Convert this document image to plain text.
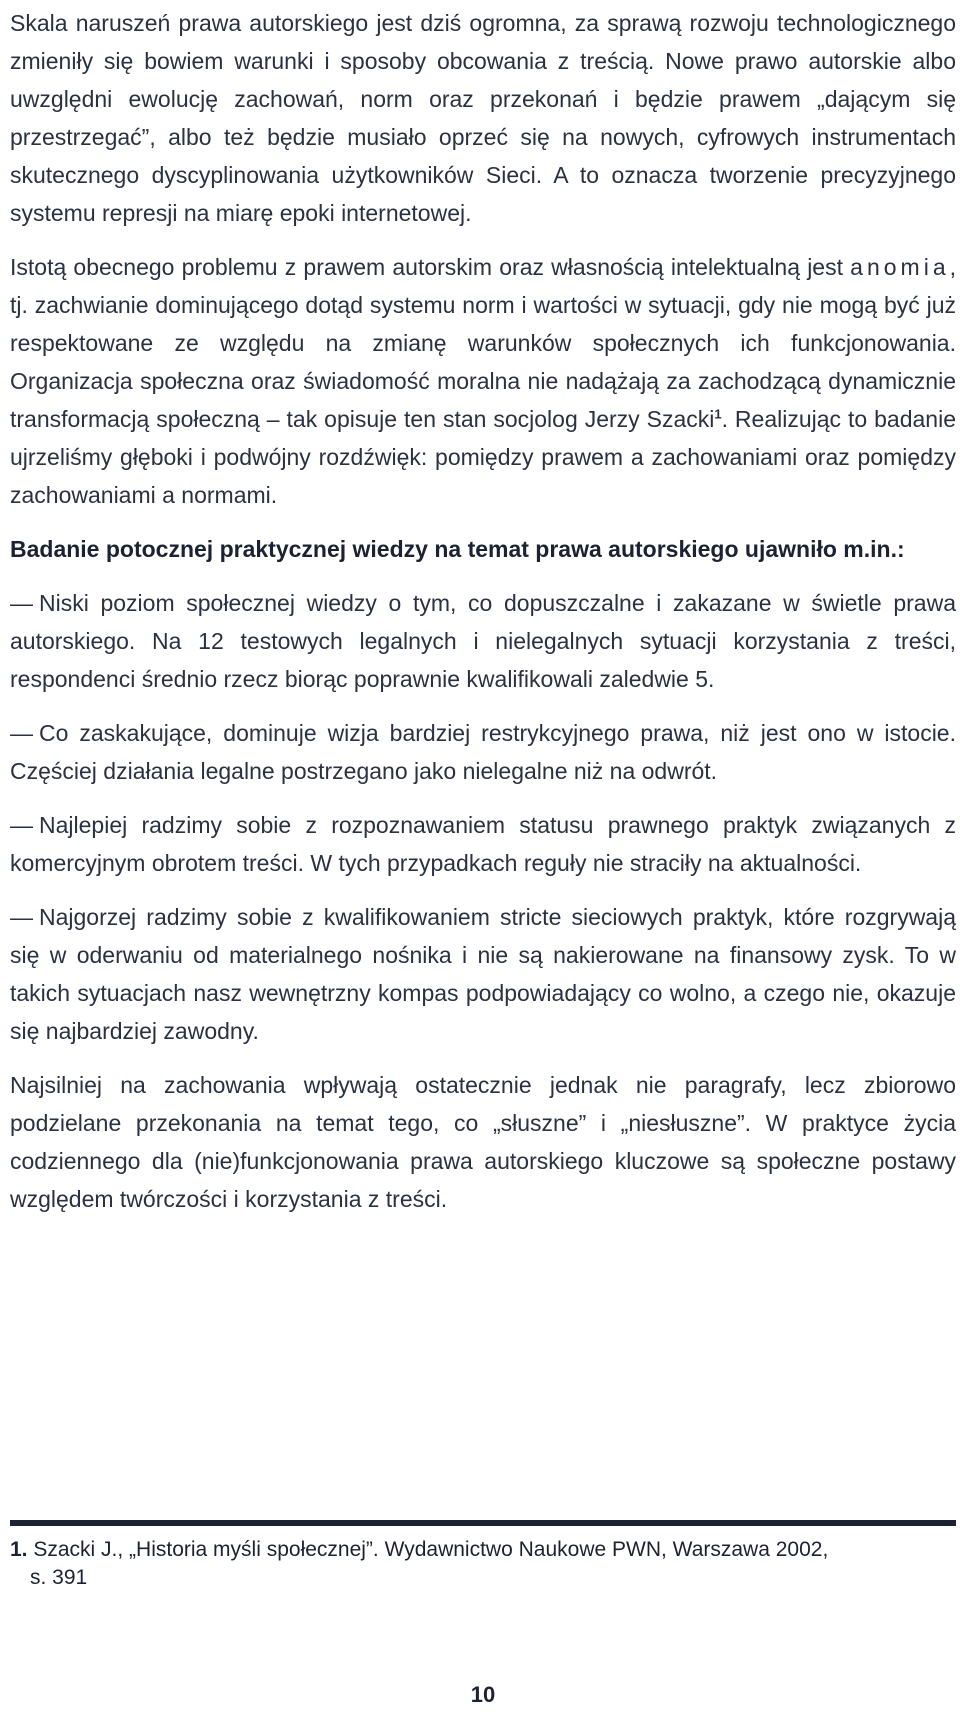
Skala naruszeń prawa autorskiego jest dziś ogromna, za sprawą rozwoju technologicznego zmieniły się bowiem warunki i sposoby obcowania z treścią. Nowe prawo autorskie albo uwzględni ewolucję zachowań, norm oraz przekonań i będzie prawem „dającym się przestrzegać”, albo też będzie musiało oprzeć się na nowych, cyfrowych instrumentach skutecznego dyscyplinowania użytkowników Sieci. A to oznacza tworzenie precyzyjnego systemu represji na miarę epoki internetowej.

Istotą obecnego problemu z prawem autorskim oraz własnością intelektualną jest anomia, tj. zachwianie dominującego dotąd systemu norm i wartości w sytuacji, gdy nie mogą być już respektowane ze względu na zmianę warunków społecznych ich funkcjonowania. Organizacja społeczna oraz świadomość moralna nie nadążają za zachodzącą dynamicznie transformacją społeczną – tak opisuje ten stan socjolog Jerzy Szacki$^1$. Realizując to badanie ujrzeliśmy głęboki i podwójny rozdźwięk: pomiędzy prawem a zachowaniami oraz pomiędzy zachowaniami a normami.

Badanie potocznej praktycznej wiedzy na temat prawa autorskiego ujawniło m.in.:

— Niski poziom społecznej wiedzy o tym, co dopuszczalne i zakazane w świetle prawa autorskiego. Na 12 testowych legalnych i nielegalnych sytuacji korzystania z treści, respondenci średnio rzecz biorąc poprawnie kwalifikowali zaledwie 5.

— Co zaskakujące, dominuje wizja bardziej restrykcyjnego prawa, niż jest ono w istocie. Częściej działania legalne postrzegano jako nielegalne niż na odwrót.

— Najlepiej radzimy sobie z rozpoznawaniem statusu prawnego praktyk związanych z komercyjnym obrotem treści. W tych przypadkach reguły nie straciły na aktualności.

— Najgorzej radzimy sobie z kwalifikowaniem stricte sieciowych praktyk, które rozgrywają się w oderwaniu od materialnego nośnika i nie są nakierowane na finansowy zysk. To w takich sytuacjach nasz wewnętrzny kompas podpowiadający co wolno, a czego nie, okazuje się najbardziej zawodny.

Najsilniej na zachowania wpływają ostatecznie jednak nie paragrafy, lecz zbiorowo podzielane przekonania na temat tego, co „słuszne” i „niesłuszne”. W praktyce życia codziennego dla (nie)funkcjonowania prawa autorskiego kluczowe są społeczne postawy względem twórczości i korzystania z treści.

1. Szacki J., „Historia myśli społecznej”. Wydawnictwo Naukowe PWN, Warszawa 2002,
s. 391
10
